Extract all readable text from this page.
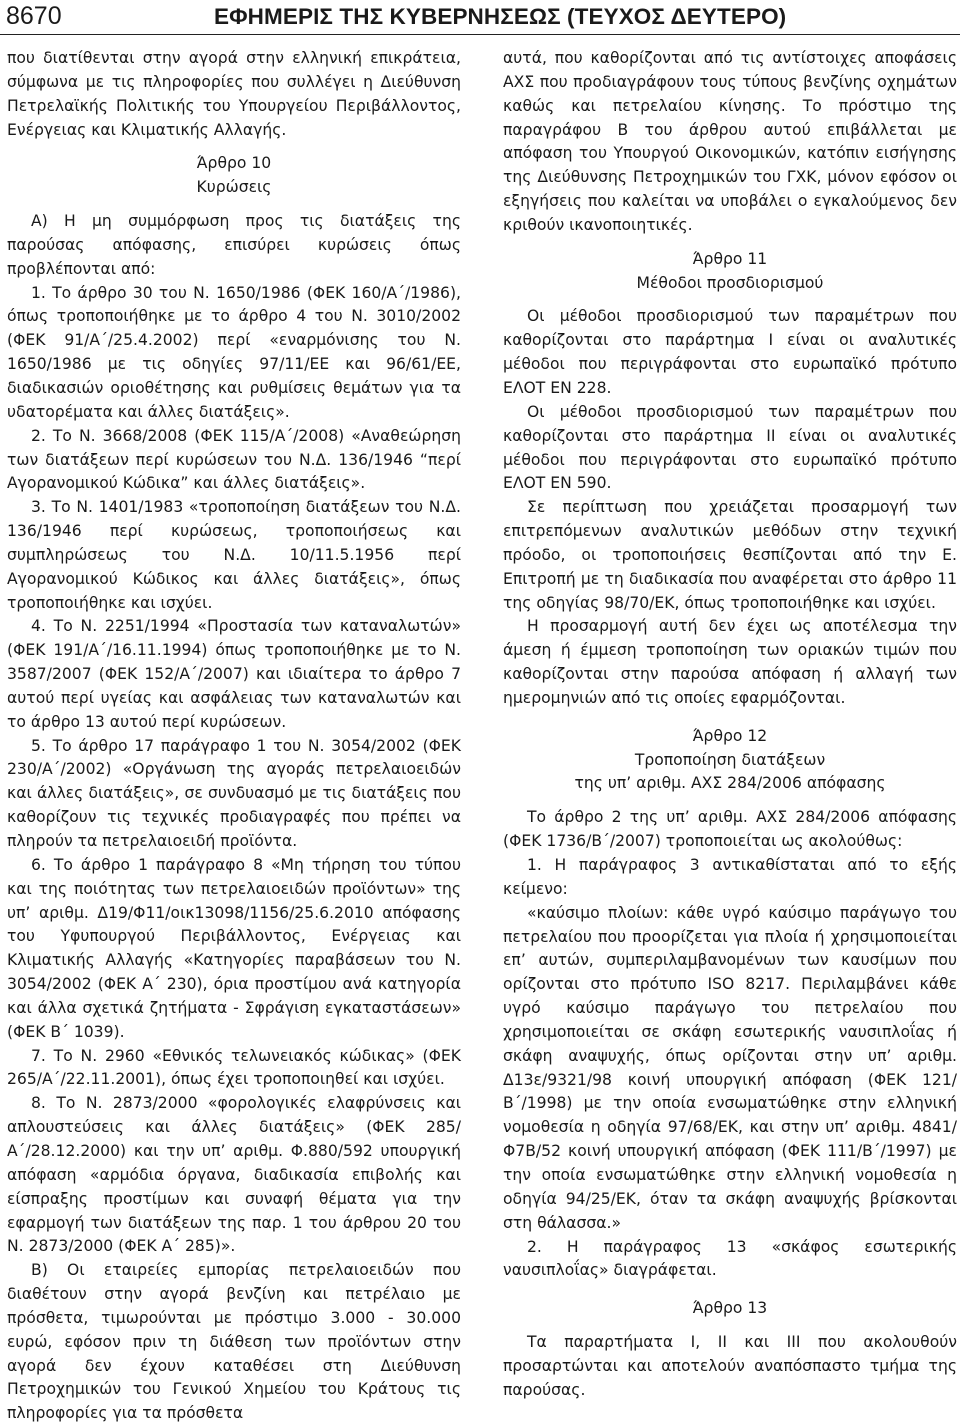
8670	ΕΦΗΜΕΡΙΣ ΤΗΣ ΚΥΒΕΡΝΗΣΕΩΣ (ΤΕΥΧΟΣ ΔΕΥΤΕΡΟ)

που διατίθενται στην αγορά στην ελληνική επικράτεια, σύμφωνα με τις πληροφορίες που συλλέγει η Διεύθυνση Πετρελαϊκής Πολιτικής του Υπουργείου Περιβάλλοντος, Ενέργειας και Κλιματικής Αλλαγής.

Άρθρο 10

Κυρώσεις

Α) Η μη συμμόρφωση προς τις διατάξεις της παρούσας απόφασης, επισύρει κυρώσεις όπως προβλέπονται από:

1. Το άρθρο 30 του Ν. 1650/1986 (ΦΕΚ 160/Α΄/1986), όπως τροποποιήθηκε με το άρθρο 4 του Ν. 3010/2002 (ΦΕΚ 91/Α΄/25.4.2002) περί «εναρμόνισης του Ν. 1650/1986 με τις οδηγίες 97/11/ΕΕ και 96/61/ΕΕ, διαδικασιών οριοθέτησης και ρυθμίσεις θεμάτων για τα υδατορέματα και άλλες διατάξεις».

2. Το Ν. 3668/2008 (ΦΕΚ 115/Α΄/2008) «Αναθεώρηση των διατάξεων περί κυρώσεων του Ν.Δ. 136/1946 “περί Αγορανομικού Κώδικα” και άλλες διατάξεις».

3. Το Ν. 1401/1983 «τροποποίηση διατάξεων του Ν.Δ. 136/1946 περί κυρώσεως, τροποποιήσεως και συμπληρώσεως του Ν.Δ. 10/11.5.1956 περί Αγορανομικού Κώδικος και άλλες διατάξεις», όπως τροποποιήθηκε και ισχύει.

4. Το Ν. 2251/1994 «Προστασία των καταναλωτών» (ΦΕΚ 191/Α΄/16.11.1994) όπως τροποποιήθηκε με το Ν. 3587/2007 (ΦΕΚ 152/Α΄/2007) και ιδιαίτερα το άρθρο 7 αυτού περί υγείας και ασφάλειας των καταναλωτών και το άρθρο 13 αυτού περί κυρώσεων.

5. Το άρθρο 17 παράγραφο 1 του Ν. 3054/2002 (ΦΕΚ 230/Α΄/2002) «Οργάνωση της αγοράς πετρελαιοειδών και άλλες διατάξεις», σε συνδυασμό με τις διατάξεις που καθορίζουν τις τεχνικές προδιαγραφές που πρέπει να πληρούν τα πετρελαιοειδή προϊόντα.

6. Το άρθρο 1 παράγραφο 8 «Μη τήρηση του τύπου και της ποιότητας των πετρελαιοειδών προϊόντων» της υπ’ αριθμ. Δ19/Φ11/οικ13098/1156/25.6.2010 απόφασης του Υφυπουργού Περιβάλλοντος, Ενέργειας και Κλιματικής Αλλαγής «Κατηγορίες παραβάσεων του Ν. 3054/2002 (ΦΕΚ Α΄ 230), όρια προστίμου ανά κατηγορία και άλλα σχετικά ζητήματα - Σφράγιση εγκαταστάσεων» (ΦΕΚ Β΄ 1039).

7. Το Ν. 2960 «Εθνικός τελωνειακός κώδικας» (ΦΕΚ 265/Α΄/22.11.2001), όπως έχει τροποποιηθεί και ισχύει.

8. Το Ν. 2873/2000 «φορολογικές ελαφρύνσεις και απλουστεύσεις και άλλες διατάξεις» (ΦΕΚ 285/Α΄/28.12.2000) και την υπ’ αριθμ. Φ.880/592 υπουργική απόφαση «αρμόδια όργανα, διαδικασία επιβολής και είσπραξης προστίμων και συναφή θέματα για την εφαρμογή των διατάξεων της παρ. 1 του άρθρου 20 του Ν. 2873/2000 (ΦΕΚ Α΄ 285)».

Β) Οι εταιρείες εμπορίας πετρελαιοειδών που διαθέτουν στην αγορά βενζίνη και πετρέλαιο με πρόσθετα, τιμωρούνται με πρόστιμο 3.000 - 30.000 ευρώ, εφόσον πριν τη διάθεση των προϊόντων στην αγορά δεν έχουν καταθέσει στη Διεύθυνση Πετροχημικών του Γενικού Χημείου του Κράτους τις πληροφορίες για τα πρόσθετα

αυτά, που καθορίζονται από τις αντίστοιχες αποφάσεις ΑΧΣ που προδιαγράφουν τους τύπους βενζίνης οχημάτων καθώς και πετρελαίου κίνησης. Το πρόστιμο της παραγράφου Β του άρθρου αυτού επιβάλλεται με απόφαση του Υπουργού Οικονομικών, κατόπιν εισήγησης της Διεύθυνσης Πετροχημικών του ΓΧΚ, μόνον εφόσον οι εξηγήσεις που καλείται να υποβάλει ο εγκαλούμενος δεν κριθούν ικανοποιητικές.

Άρθρο 11

Μέθοδοι προσδιορισμού

Οι μέθοδοι προσδιορισμού των παραμέτρων που καθορίζονται στο παράρτημα Ι είναι οι αναλυτικές μέθοδοι που περιγράφονται στο ευρωπαϊκό πρότυπο ΕΛΟΤ ΕΝ 228.

Οι μέθοδοι προσδιορισμού των παραμέτρων που καθορίζονται στο παράρτημα ΙΙ είναι οι αναλυτικές μέθοδοι που περιγράφονται στο ευρωπαϊκό πρότυπο ΕΛΟΤ ΕΝ 590.

Σε περίπτωση που χρειάζεται προσαρμογή των επιτρεπόμενων αναλυτικών μεθόδων στην τεχνική πρόοδο, οι τροποποιήσεις θεσπίζονται από την Ε. Επιτροπή με τη διαδικασία που αναφέρεται στο άρθρο 11 της οδηγίας 98/70/ΕΚ, όπως τροποποιήθηκε και ισχύει.

Η προσαρμογή αυτή δεν έχει ως αποτέλεσμα την άμεση ή έμμεση τροποποίηση των οριακών τιμών που καθορίζονται στην παρούσα απόφαση ή αλλαγή των ημερομηνιών από τις οποίες εφαρμόζονται.

Άρθρο 12

Τροποποίηση διατάξεων

της υπ’ αριθμ. ΑΧΣ 284/2006 απόφασης

Το άρθρο 2 της υπ’ αριθμ. ΑΧΣ 284/2006 απόφασης (ΦΕΚ 1736/Β΄/2007) τροποποιείται ως ακολούθως:

1. Η παράγραφος 3 αντικαθίσταται από το εξής κείμενο:

«καύσιμο πλοίων: κάθε υγρό καύσιμο παράγωγο του πετρελαίου που προορίζεται για πλοία ή χρησιμοποιείται επ’ αυτών, συμπεριλαμβανομένων των καυσίμων που ορίζονται στο πρότυπο ISO 8217. Περιλαμβάνει κάθε υγρό καύσιμο παράγωγο του πετρελαίου που χρησιμοποιείται σε σκάφη εσωτερικής ναυσιπλοΐας ή σκάφη αναψυχής, όπως ορίζονται στην υπ’ αριθμ. Δ13ε/9321/98 κοινή υπουργική απόφαση (ΦΕΚ 121/Β΄/1998) με την οποία ενσωματώθηκε στην ελληνική νομοθεσία η οδηγία 97/68/ΕΚ, και στην υπ’ αριθμ. 4841/Φ7Β/52 κοινή υπουργική απόφαση (ΦΕΚ 111/Β΄/1997) με την οποία ενσωματώθηκε στην ελληνική νομοθεσία η οδηγία 94/25/ΕΚ, όταν τα σκάφη αναψυχής βρίσκονται στη θάλασσα.»

2. Η παράγραφος 13 «σκάφος εσωτερικής ναυσιπλοΐας» διαγράφεται.

Άρθρο 13

Τα παραρτήματα Ι, ΙΙ και ΙΙΙ που ακολουθούν προσαρτώνται και αποτελούν αναπόσπαστο τμήμα της παρούσας.
